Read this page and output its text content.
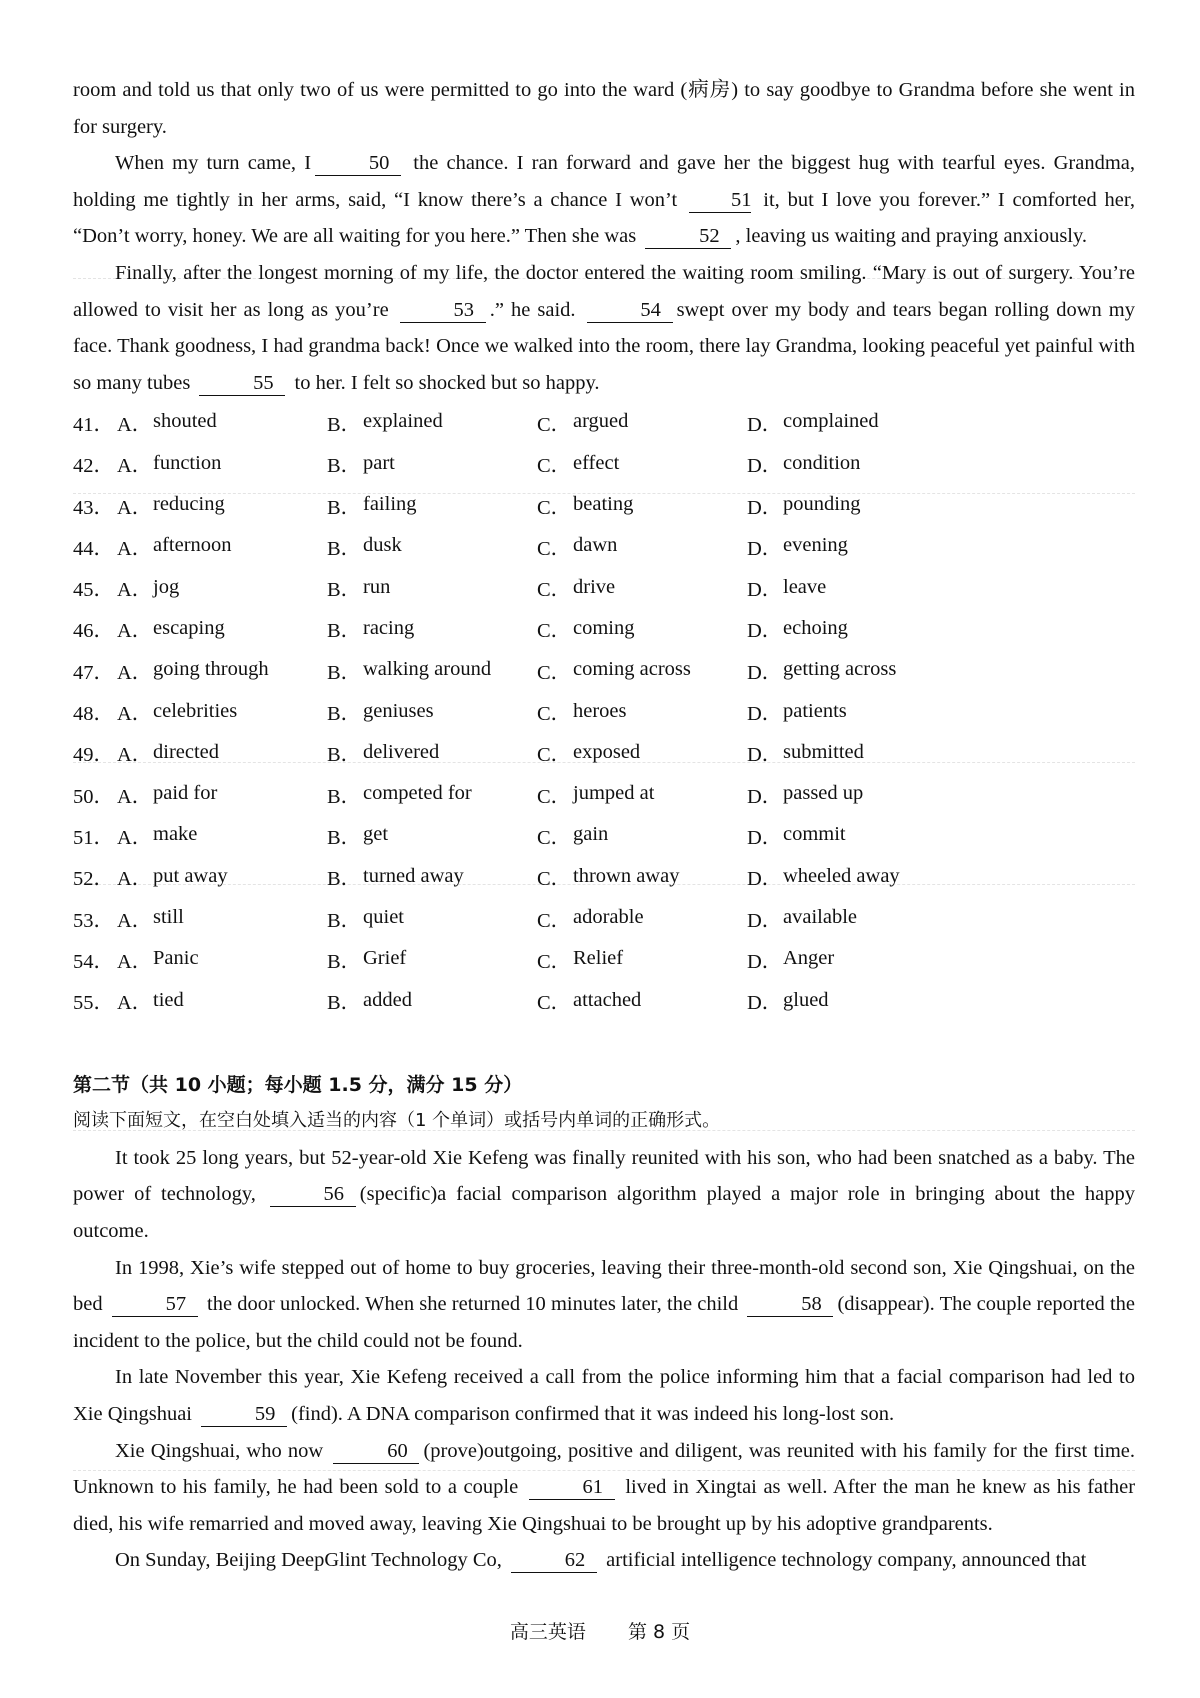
room and told us that only two of us were permitted to go into the ward (病房) to say goodbye to Grandma before she went in for surgery.

When my turn came, I	50 the chance. I ran forward and gave her the biggest hug with tearful eyes. Grandma, holding me tightly in her arms, said, “I know there’s a chance I won’t	51 it, but I love you forever.” I comforted her, “Don’t worry, honey. We are all waiting for you here.” Then she was	52 , leaving us waiting and praying anxiously.

Finally, after the longest morning of my life, the doctor entered the waiting room smiling. “Mary is out of surgery. You’re allowed to visit her as long as you’re	53 .” he said.	54 swept over my body and tears began rolling down my face. Thank goodness, I had grandma back! Once we walked into the room, there lay Grandma, looking peaceful yet painful with so many tubes	55 to her. I felt so shocked but so happy.

41． A． shouted	B． explained	C． argued	D． complained
42． A． function	B． part	C． effect	D． condition
43． A． reducing	B． failing	C． beating	D． pounding
44． A． afternoon	B． dusk	C． dawn	D． evening
45． A． jog	B． run	C． drive	D． leave
46． A． escaping	B． racing	C． coming	D． echoing
47． A． going through	B． walking around C． coming across	D． getting across
48． A． celebrities	B． geniuses	C． heroes	D． patients
49． A． directed	B． delivered	C． exposed	D． submitted
50． A． paid for	B． competed for	C． jumped at	D． passed up
51． A． make	B． get	C． gain	D． commit
52． A． put away	B． turned away	C． thrown away	D． wheeled away
53． A． still	B． quiet	C． adorable	D． available
54． A． Panic	B． Grief	C． Relief	D． Anger
55． A． tied	B． added	C． attached	D． glued
第二节（共 10 小题；每小题 1.5 分，满分 15 分）
阅读下面短文，在空白处填入适当的内容（1 个单词）或括号内单词的正确形式。

It took 25 long years, but 52-year-old Xie Kefeng was finally reunited with his son, who had been snatched as a baby. The power of technology,	56 (specific)a facial comparison algorithm played a major role in bringing about the happy outcome.

In 1998, Xie’s wife stepped out of home to buy groceries, leaving their three-month-old second son, Xie Qingshuai, on the bed	57 the door unlocked. When she returned 10 minutes later, the child	58 (disappear). The couple reported the incident to the police, but the child could not be found.

In late November this year, Xie Kefeng received a call from the police informing him that a facial comparison had led to Xie Qingshuai	59 (find). A DNA comparison confirmed that it was indeed his long-lost son.

Xie Qingshuai, who now	60 (prove)outgoing, positive and diligent, was reunited with his family for the first time. Unknown to his family, he had been sold to a couple	61 lived in Xingtai as well. After the man he knew as his father died, his wife remarried and moved away, leaving Xie Qingshuai to be brought up by his adoptive grandparents.

On Sunday, Beijing DeepGlint Technology Co,	62 artificial intelligence technology company, announced that

高三英语 第 8 页
